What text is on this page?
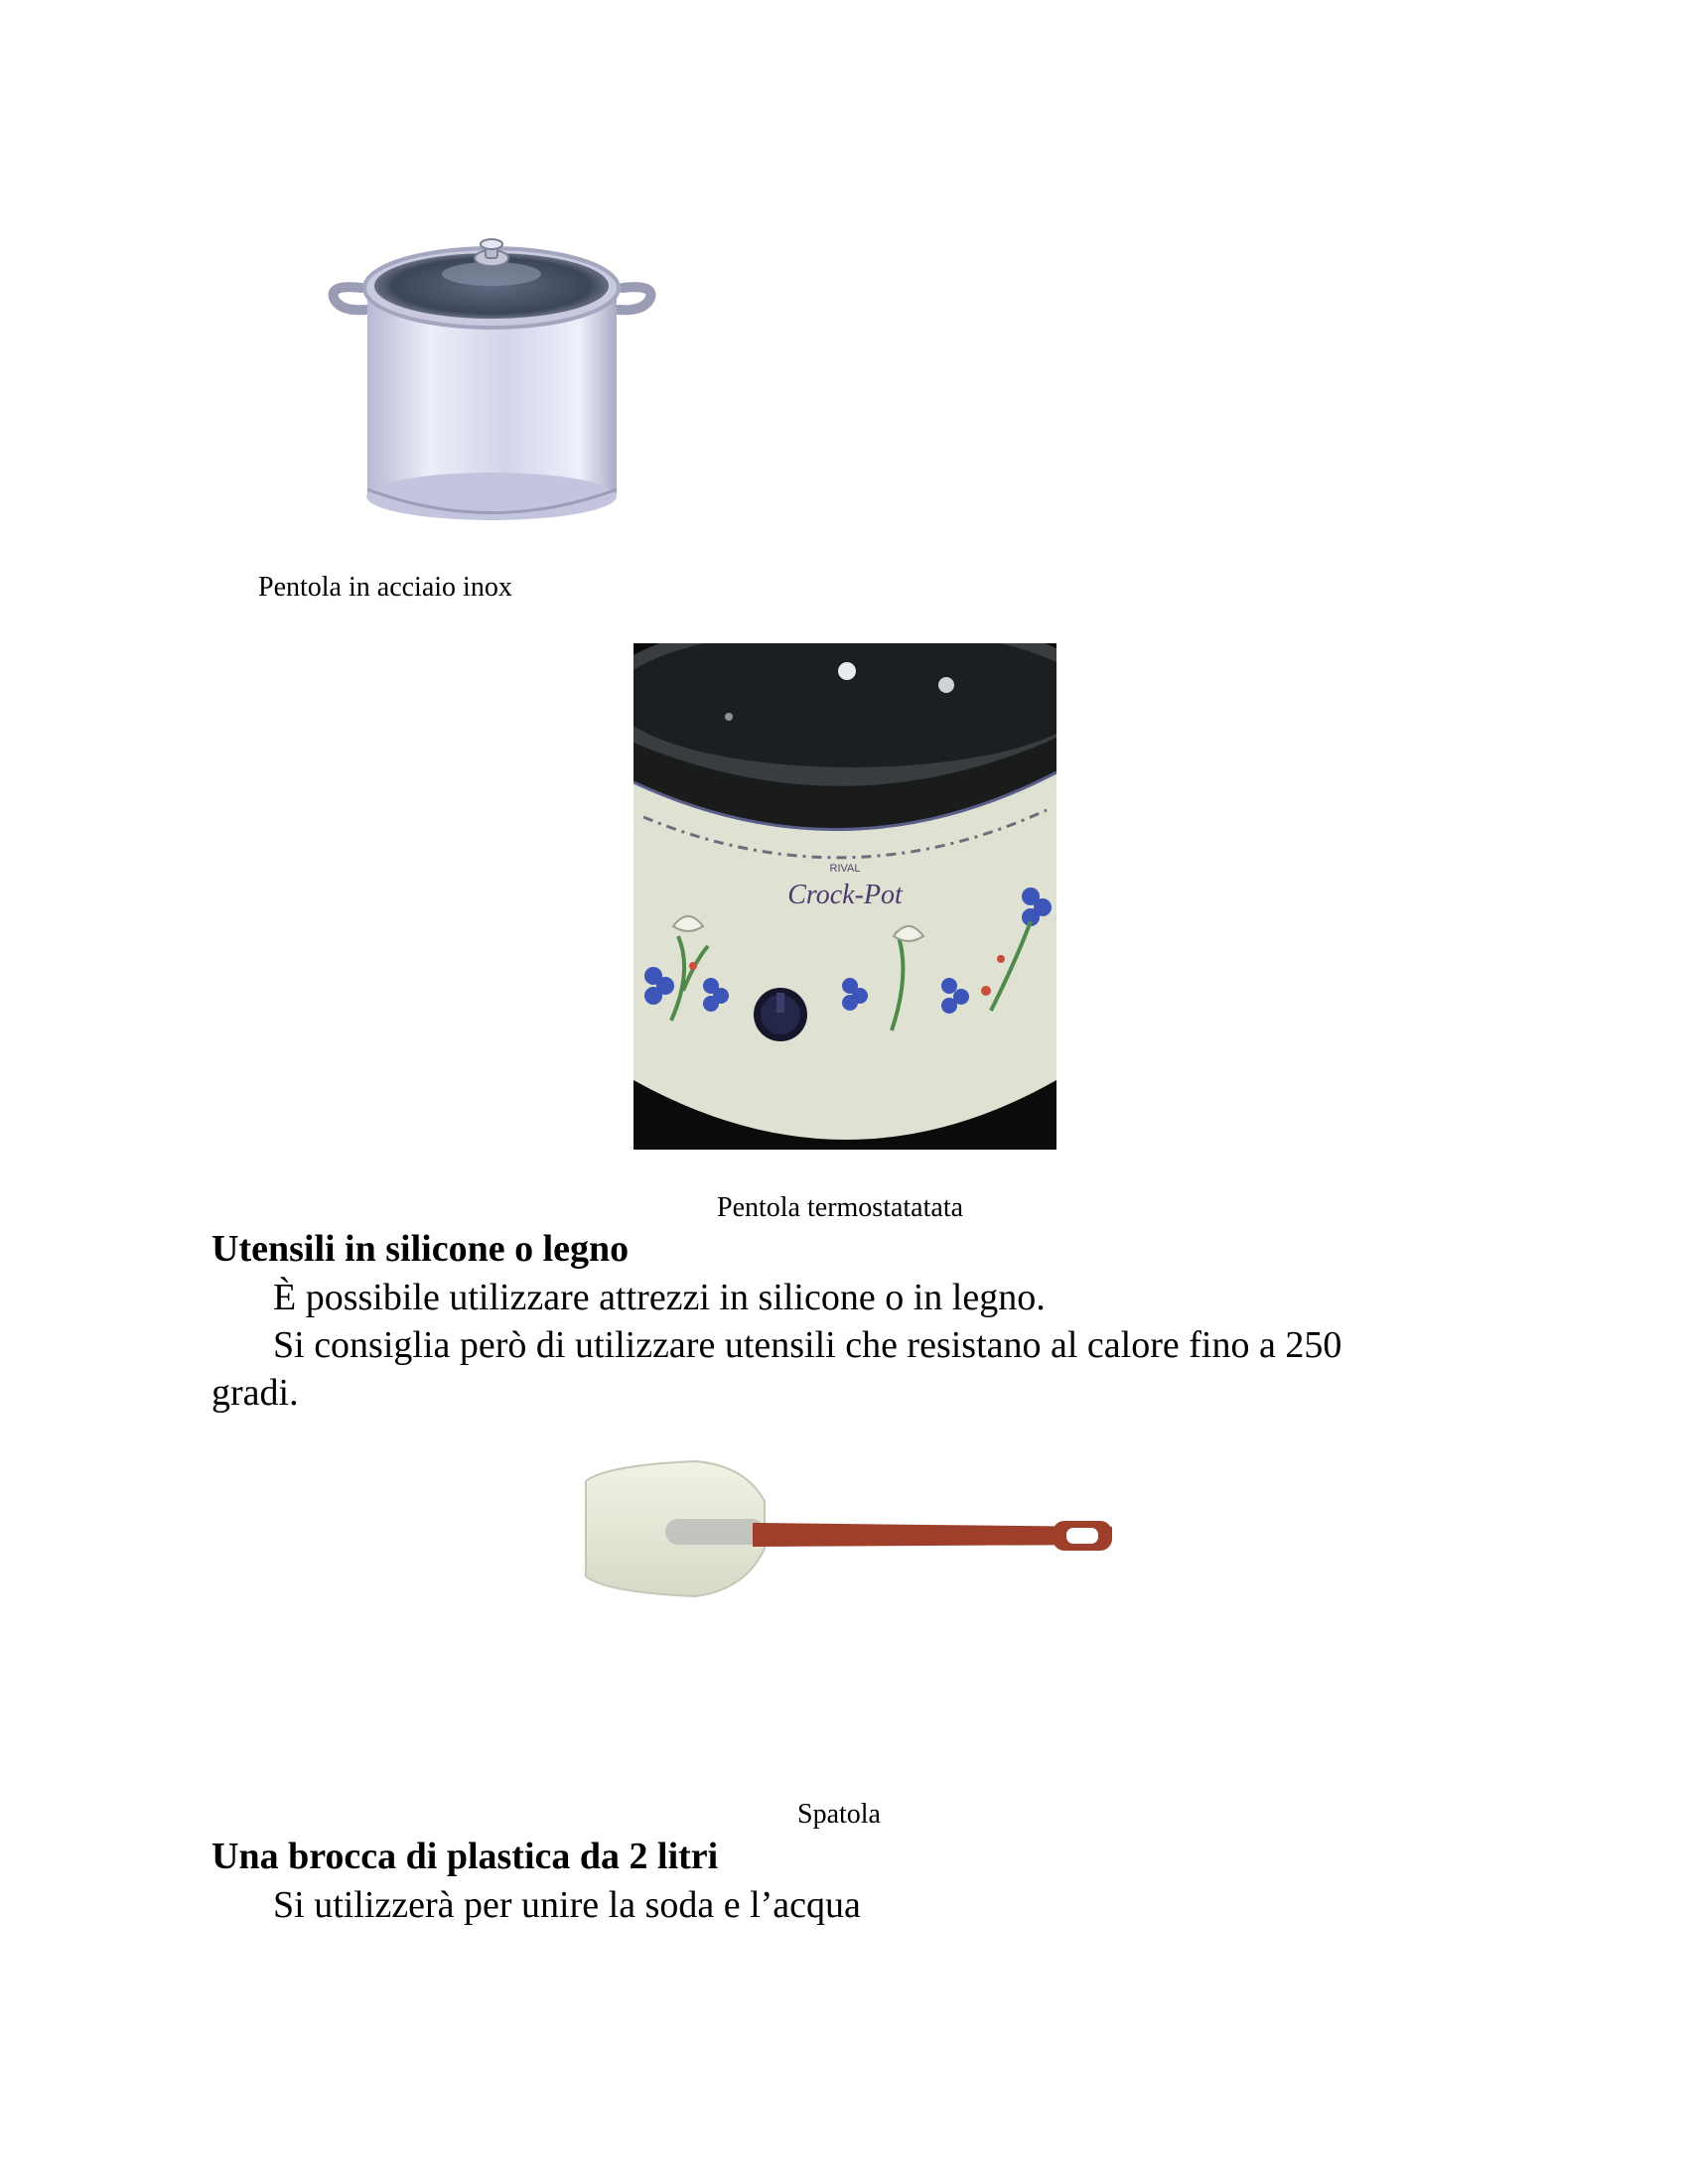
Pentola in acciaio inox
RIVAL
Crock-Pot
Pentola termostatatata
Utensili in silicone o legno
È possibile utilizzare attrezzi in silicone o in legno.
Si consiglia però di utilizzare utensili che resistano al calore fino a 250
gradi.
Spatola
Una brocca di plastica da 2 litri
Si utilizzerà per unire la soda e l’acqua
